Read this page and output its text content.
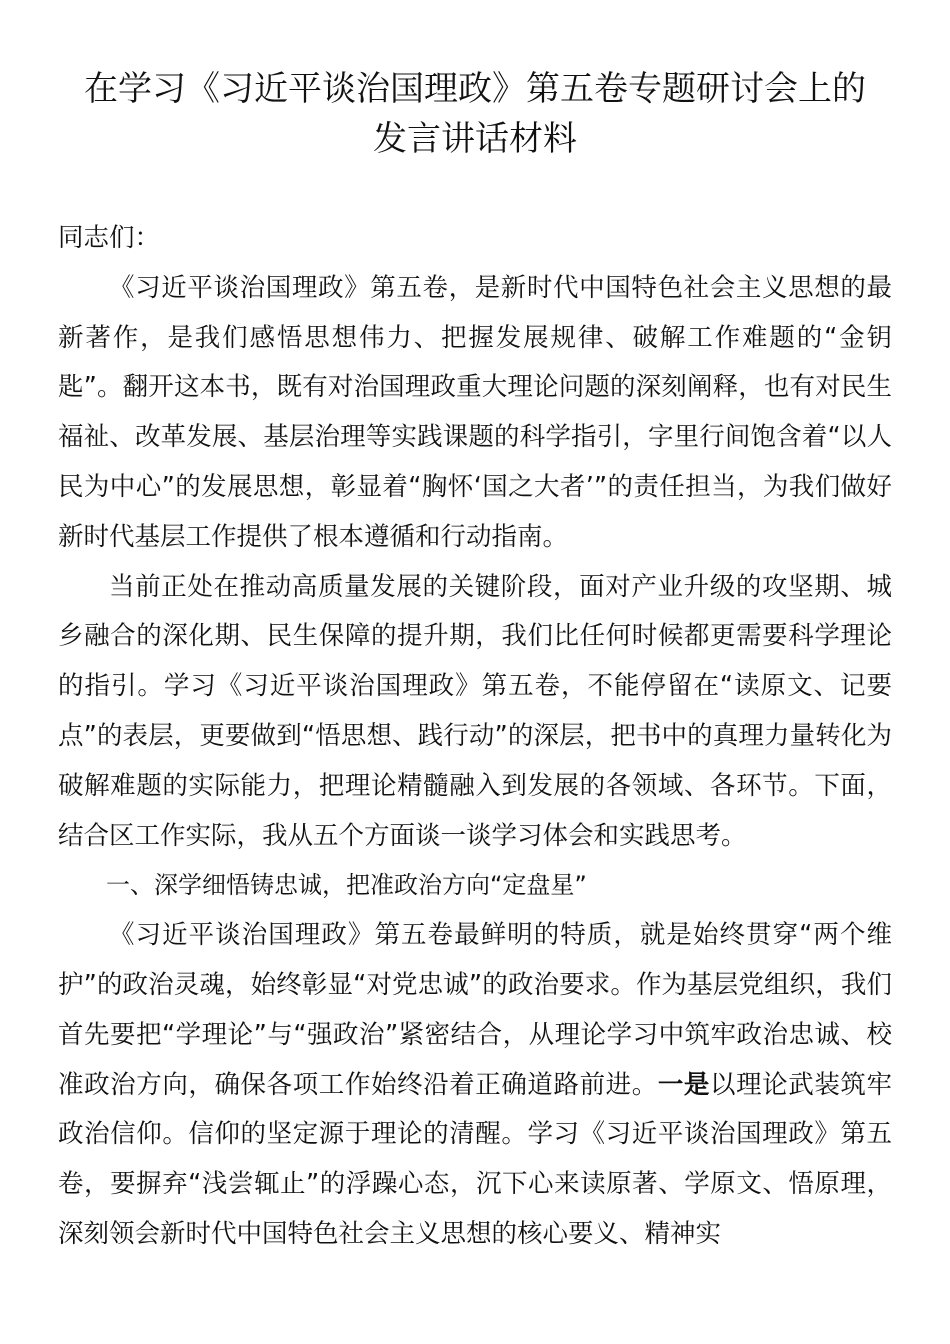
在学习《习近平谈治国理政》第五卷专题研讨会上的
发言讲话材料

同志们：

《习近平谈治国理政》第五卷，是新时代中国特色社会主义思想的最新著作，是我们感悟思想伟力、把握发展规律、破解工作难题的“金钥匙”。翻开这本书，既有对治国理政重大理论问题的深刻阐释，也有对民生福祉、改革发展、基层治理等实践课题的科学指引，字里行间饱含着“以人民为中心”的发展思想，彰显着“胸怀‘国之大者’”的责任担当，为我们做好新时代基层工作提供了根本遵循和行动指南。

当前正处在推动高质量发展的关键阶段，面对产业升级的攻坚期、城乡融合的深化期、民生保障的提升期，我们比任何时候都更需要科学理论的指引。学习《习近平谈治国理政》第五卷，不能停留在“读原文、记要点”的表层，更要做到“悟思想、践行动”的深层，把书中的真理力量转化为破解难题的实际能力，把理论精髓融入到发展的各领域、各环节。下面，结合区工作实际，我从五个方面谈一谈学习体会和实践思考。

一、深学细悟铸忠诚，把准政治方向“定盘星”

《习近平谈治国理政》第五卷最鲜明的特质，就是始终贯穿“两个维护”的政治灵魂，始终彰显“对党忠诚”的政治要求。作为基层党组织，我们首先要把“学理论”与“强政治”紧密结合，从理论学习中筑牢政治忠诚、校准政治方向，确保各项工作始终沿着正确道路前进。一是以理论武装筑牢政治信仰。信仰的坚定源于理论的清醒。学习《习近平谈治国理政》第五卷，要摒弃“浅尝辄止”的浮躁心态，沉下心来读原著、学原文、悟原理，深刻领会新时代中国特色社会主义思想的核心要义、精神实
